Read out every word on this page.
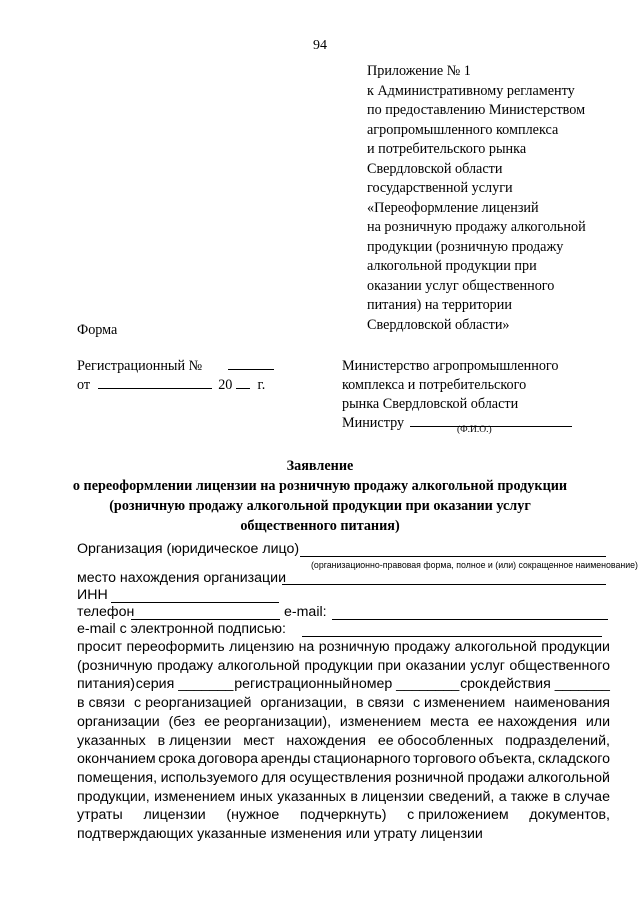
94
Приложение № 1
к Административному регламенту
по предоставлению Министерством
агропромышленного комплекса
и потребительского рынка
Свердловской области
государственной услуги
«Переоформление лицензий
на розничную продажу алкогольной
продукции (розничную продажу
алкогольной продукции при
оказании услуг общественного
питания) на территории
Свердловской области»
Форма
Регистрационный №
от	20 г.
Министерство агропромышленного
комплекса и потребительского
рынка Свердловской области
Министру	(Ф.И.О.)
Заявление
о переоформлении лицензии на розничную продажу алкогольной продукции
(розничную продажу алкогольной продукции при оказании услуг
общественного питания)
Организация (юридическое лицо)
(организационно-правовая форма, полное и (или) сокращенное наименование)
место нахождения организации
ИНН
телефон	e-mail:
e-mail с электронной подписью:
просит переоформить лицензию на розничную продажу алкогольной продукции
(розничную продажу алкогольной продукции при оказании услуг общественного
питания) серия _______ регистрационный номер ________ срок действия _______
в связи с реорганизацией организации, в связи с изменением наименования
организации (без ее реорганизации), изменением места ее нахождения или
указанных в лицензии мест нахождения ее обособленных подразделений,
окончанием срока договора аренды стационарного торгового объекта, складского
помещения, используемого для осуществления розничной продажи алкогольной
продукции, изменением иных указанных в лицензии сведений, а также в случае
утраты лицензии (нужное подчеркнуть) с приложением документов,
подтверждающих указанные изменения или утрату лицензии
